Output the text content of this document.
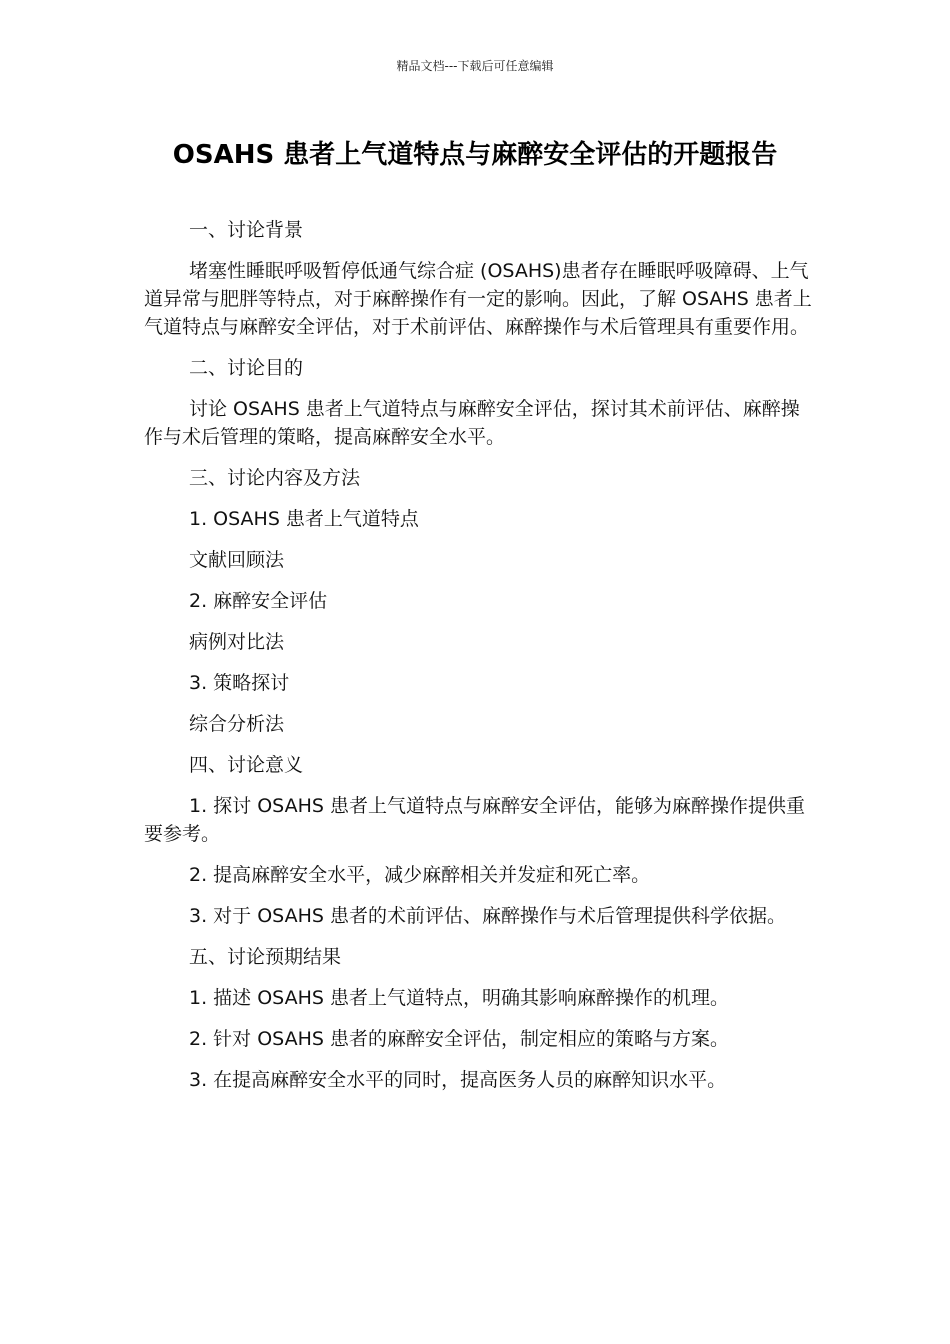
精品文档---下载后可任意编辑
OSAHS 患者上气道特点与麻醉安全评估的开题报告

一、讨论背景

堵塞性睡眠呼吸暂停低通气综合症 (OSAHS)患者存在睡眠呼吸障碍、上气道异常与肥胖等特点，对于麻醉操作有一定的影响。因此，了解 OSAHS 患者上气道特点与麻醉安全评估，对于术前评估、麻醉操作与术后管理具有重要作用。

二、讨论目的

讨论 OSAHS 患者上气道特点与麻醉安全评估，探讨其术前评估、麻醉操作与术后管理的策略，提高麻醉安全水平。

三、讨论内容及方法

1. OSAHS 患者上气道特点

文献回顾法

2. 麻醉安全评估

病例对比法

3. 策略探讨

综合分析法

四、讨论意义

1. 探讨 OSAHS 患者上气道特点与麻醉安全评估，能够为麻醉操作提供重要参考。

2. 提高麻醉安全水平，减少麻醉相关并发症和死亡率。

3. 对于 OSAHS 患者的术前评估、麻醉操作与术后管理提供科学依据。

五、讨论预期结果

1. 描述 OSAHS 患者上气道特点，明确其影响麻醉操作的机理。

2. 针对 OSAHS 患者的麻醉安全评估，制定相应的策略与方案。

3. 在提高麻醉安全水平的同时，提高医务人员的麻醉知识水平。
